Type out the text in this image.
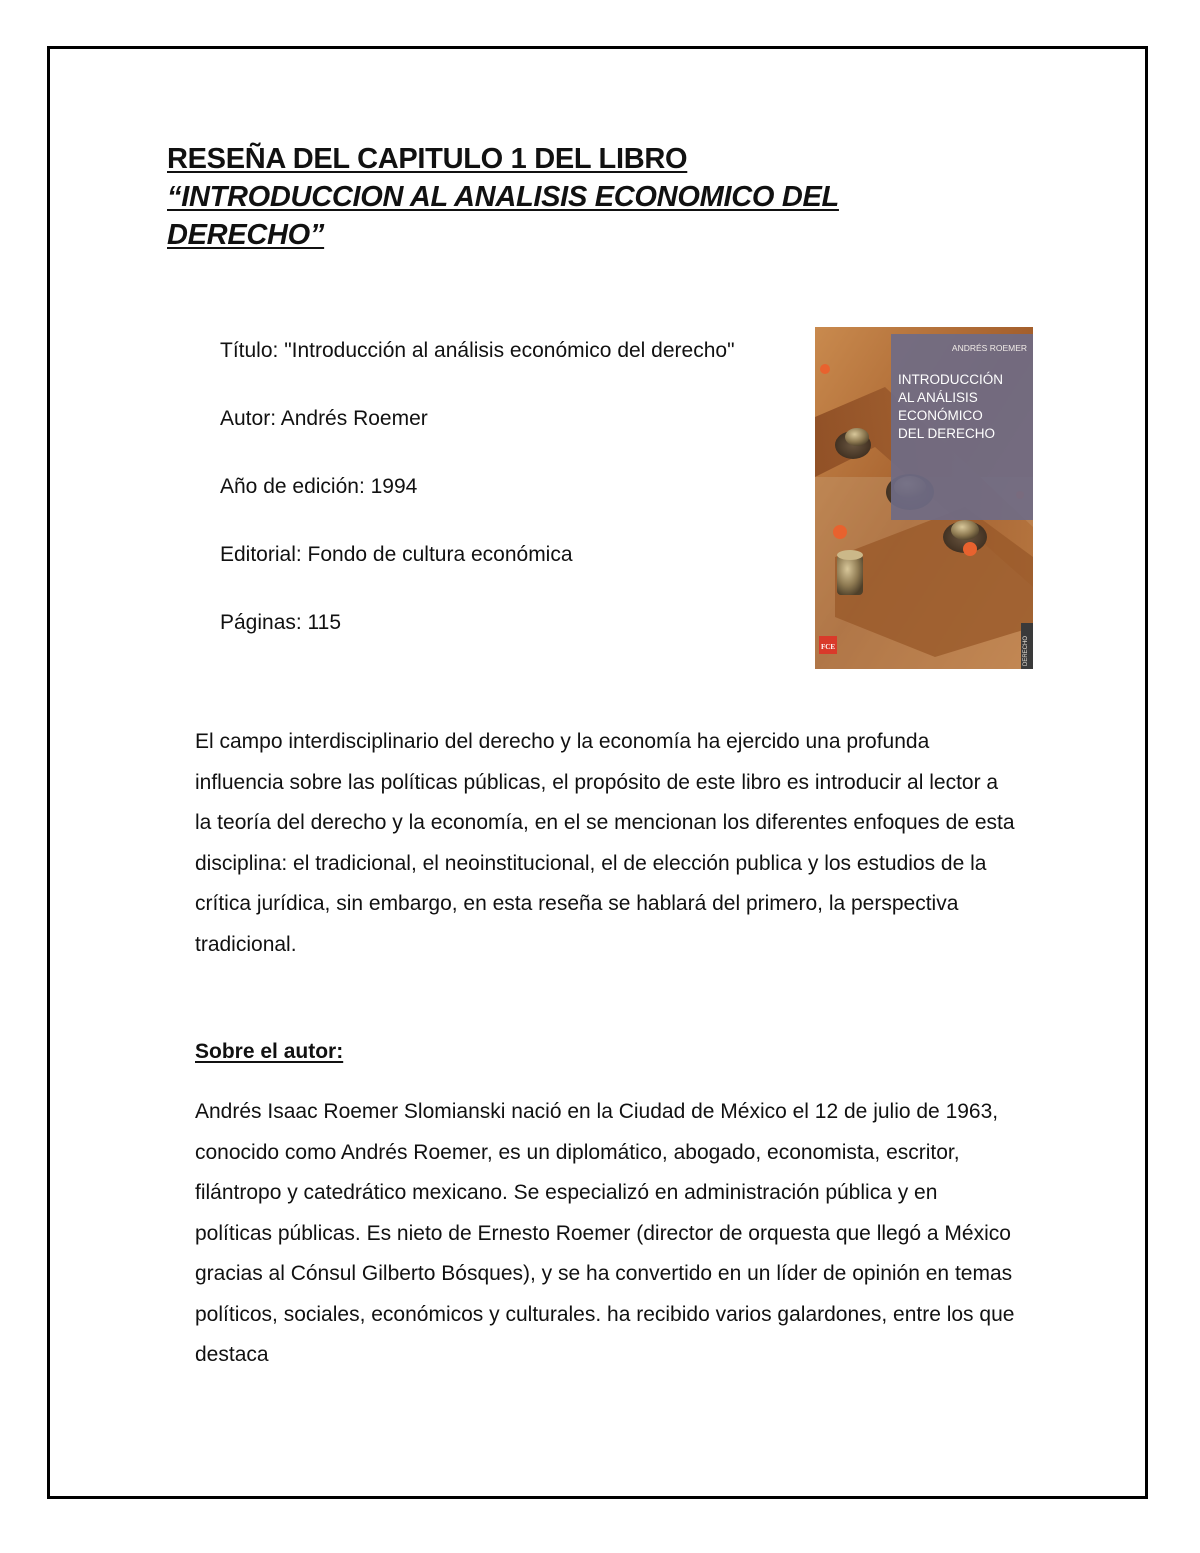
RESEÑA DEL CAPITULO 1 DEL LIBRO
“INTRODUCCION AL ANALISIS ECONOMICO DEL
DERECHO”

Título: "Introducción al análisis económico del derecho"

Autor: Andrés Roemer

Año de edición: 1994

Editorial: Fondo de cultura económica

Páginas: 115

ANDRÉS ROEMER
INTRODUCCIÓN AL ANÁLISIS ECONÓMICO DEL DERECHO
FCE	DERECHO

El campo interdisciplinario del derecho y la economía ha ejercido una profunda influencia sobre las políticas públicas, el propósito de este libro es introducir al lector a la teoría del derecho y la economía, en el se mencionan los diferentes enfoques de esta disciplina: el tradicional, el neoinstitucional, el de elección publica y los estudios de la crítica jurídica, sin embargo, en esta reseña se hablará del primero, la perspectiva tradicional.

Sobre el autor:

Andrés Isaac Roemer Slomianski nació en la Ciudad de México el 12 de julio de 1963, conocido como Andrés Roemer, es un diplomático, abogado, economista, escritor, filántropo y catedrático mexicano. Se especializó en administración pública y en políticas públicas. Es nieto de Ernesto Roemer (director de orquesta que llegó a México gracias al Cónsul Gilberto Bósques), y se ha convertido en un líder de opinión en temas políticos, sociales, económicos y culturales. ha recibido varios galardones, entre los que destaca
